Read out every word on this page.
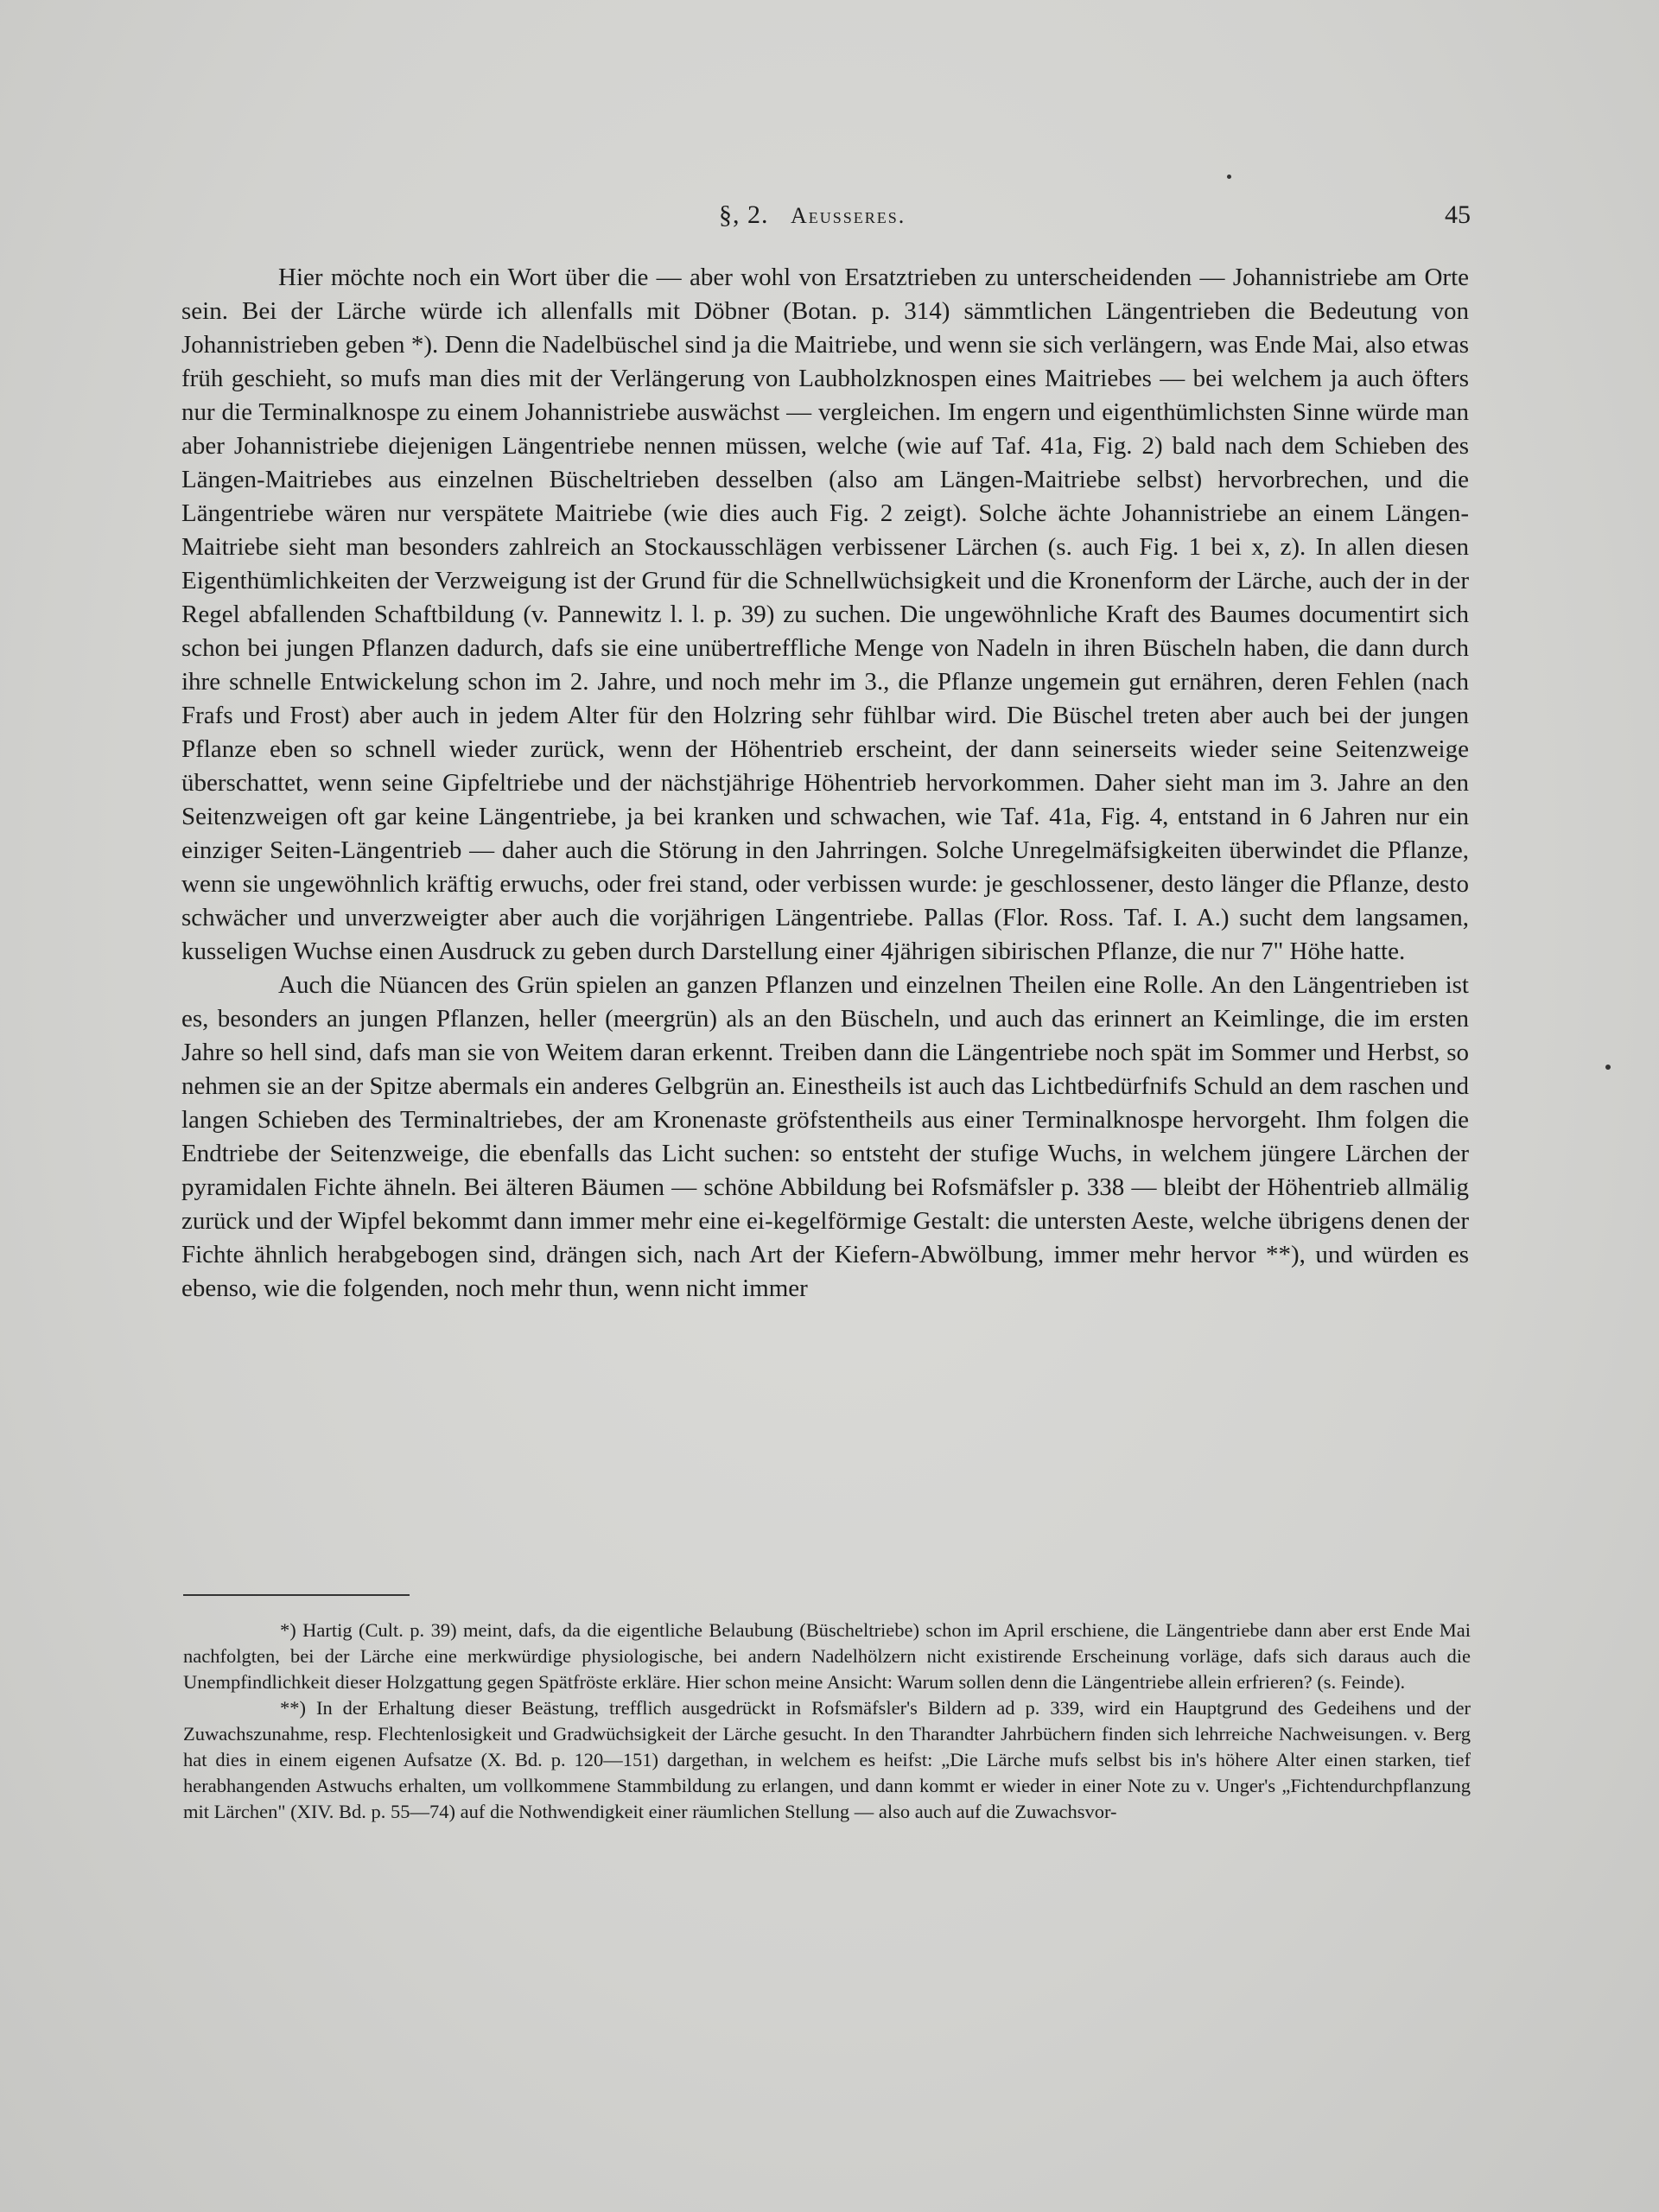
§, 2. Aeusseres.	45

Hier möchte noch ein Wort über die — aber wohl von Ersatztrieben zu unterscheidenden — Johannistriebe am Orte sein. Bei der Lärche würde ich allenfalls mit Döbner (Botan. p. 314) sämmtlichen Längentrieben die Bedeutung von Johannistrieben geben *). Denn die Nadelbüschel sind ja die Maitriebe, und wenn sie sich verlängern, was Ende Mai, also etwas früh geschieht, so mufs man dies mit der Verlängerung von Laubholzknospen eines Maitriebes — bei welchem ja auch öfters nur die Terminalknospe zu einem Johannistriebe auswächst — vergleichen. Im engern und eigenthümlichsten Sinne würde man aber Johannistriebe diejenigen Längentriebe nennen müssen, welche (wie auf Taf. 41a, Fig. 2) bald nach dem Schieben des Längen-Maitriebes aus einzelnen Büscheltrieben desselben (also am Längen-Maitriebe selbst) hervorbrechen, und die Längentriebe wären nur verspätete Maitriebe (wie dies auch Fig. 2 zeigt). Solche ächte Johannistriebe an einem Längen-Maitriebe sieht man besonders zahlreich an Stockausschlägen verbissener Lärchen (s. auch Fig. 1 bei x, z). In allen diesen Eigenthümlichkeiten der Verzweigung ist der Grund für die Schnellwüchsigkeit und die Kronenform der Lärche, auch der in der Regel abfallenden Schaftbildung (v. Pannewitz l. l. p. 39) zu suchen. Die ungewöhnliche Kraft des Baumes documentirt sich schon bei jungen Pflanzen dadurch, dafs sie eine unübertreffliche Menge von Nadeln in ihren Büscheln haben, die dann durch ihre schnelle Entwickelung schon im 2. Jahre, und noch mehr im 3., die Pflanze ungemein gut ernähren, deren Fehlen (nach Frafs und Frost) aber auch in jedem Alter für den Holzring sehr fühlbar wird. Die Büschel treten aber auch bei der jungen Pflanze eben so schnell wieder zurück, wenn der Höhentrieb erscheint, der dann seinerseits wieder seine Seitenzweige überschattet, wenn seine Gipfeltriebe und der nächstjährige Höhentrieb hervorkommen. Daher sieht man im 3. Jahre an den Seitenzweigen oft gar keine Längentriebe, ja bei kranken und schwachen, wie Taf. 41a, Fig. 4, entstand in 6 Jahren nur ein einziger Seiten-Längentrieb — daher auch die Störung in den Jahrringen. Solche Unregelmäfsigkeiten überwindet die Pflanze, wenn sie ungewöhnlich kräftig erwuchs, oder frei stand, oder verbissen wurde: je geschlossener, desto länger die Pflanze, desto schwächer und unverzweigter aber auch die vorjährigen Längentriebe. Pallas (Flor. Ross. Taf. I. A.) sucht dem langsamen, kusseligen Wuchse einen Ausdruck zu geben durch Darstellung einer 4jährigen sibirischen Pflanze, die nur 7" Höhe hatte.

Auch die Nüancen des Grün spielen an ganzen Pflanzen und einzelnen Theilen eine Rolle. An den Längentrieben ist es, besonders an jungen Pflanzen, heller (meergrün) als an den Büscheln, und auch das erinnert an Keimlinge, die im ersten Jahre so hell sind, dafs man sie von Weitem daran erkennt. Treiben dann die Längentriebe noch spät im Sommer und Herbst, so nehmen sie an der Spitze abermals ein anderes Gelbgrün an. Einestheils ist auch das Lichtbedürfnifs Schuld an dem raschen und langen Schieben des Terminaltriebes, der am Kronenaste gröfstentheils aus einer Terminalknospe hervorgeht. Ihm folgen die Endtriebe der Seitenzweige, die ebenfalls das Licht suchen: so entsteht der stufige Wuchs, in welchem jüngere Lärchen der pyramidalen Fichte ähneln. Bei älteren Bäumen — schöne Abbildung bei Rofsmäfsler p. 338 — bleibt der Höhentrieb allmälig zurück und der Wipfel bekommt dann immer mehr eine ei-kegelförmige Gestalt: die untersten Aeste, welche übrigens denen der Fichte ähnlich herabgebogen sind, drängen sich, nach Art der Kiefern-Abwölbung, immer mehr hervor **), und würden es ebenso, wie die folgenden, noch mehr thun, wenn nicht immer

*) Hartig (Cult. p. 39) meint, dafs, da die eigentliche Belaubung (Büscheltriebe) schon im April erschiene, die Längentriebe dann aber erst Ende Mai nachfolgten, bei der Lärche eine merkwürdige physiologische, bei andern Nadelhölzern nicht existirende Erscheinung vorläge, dafs sich daraus auch die Unempfindlichkeit dieser Holzgattung gegen Spätfröste erkläre. Hier schon meine Ansicht: Warum sollen denn die Längentriebe allein erfrieren? (s. Feinde).

**) In der Erhaltung dieser Beästung, trefflich ausgedrückt in Rofsmäfsler's Bildern ad p. 339, wird ein Hauptgrund des Gedeihens und der Zuwachszunahme, resp. Flechtenlosigkeit und Gradwüchsigkeit der Lärche gesucht. In den Tharandter Jahrbüchern finden sich lehrreiche Nachweisungen. v. Berg hat dies in einem eigenen Aufsatze (X. Bd. p. 120—151) dargethan, in welchem es heifst: „Die Lärche mufs selbst bis in's höhere Alter einen starken, tief herabhangenden Astwuchs erhalten, um vollkommene Stammbildung zu erlangen, und dann kommt er wieder in einer Note zu v. Unger's „Fichtendurchpflanzung mit Lärchen" (XIV. Bd. p. 55—74) auf die Nothwendigkeit einer räumlichen Stellung — also auch auf die Zuwachsvor-
